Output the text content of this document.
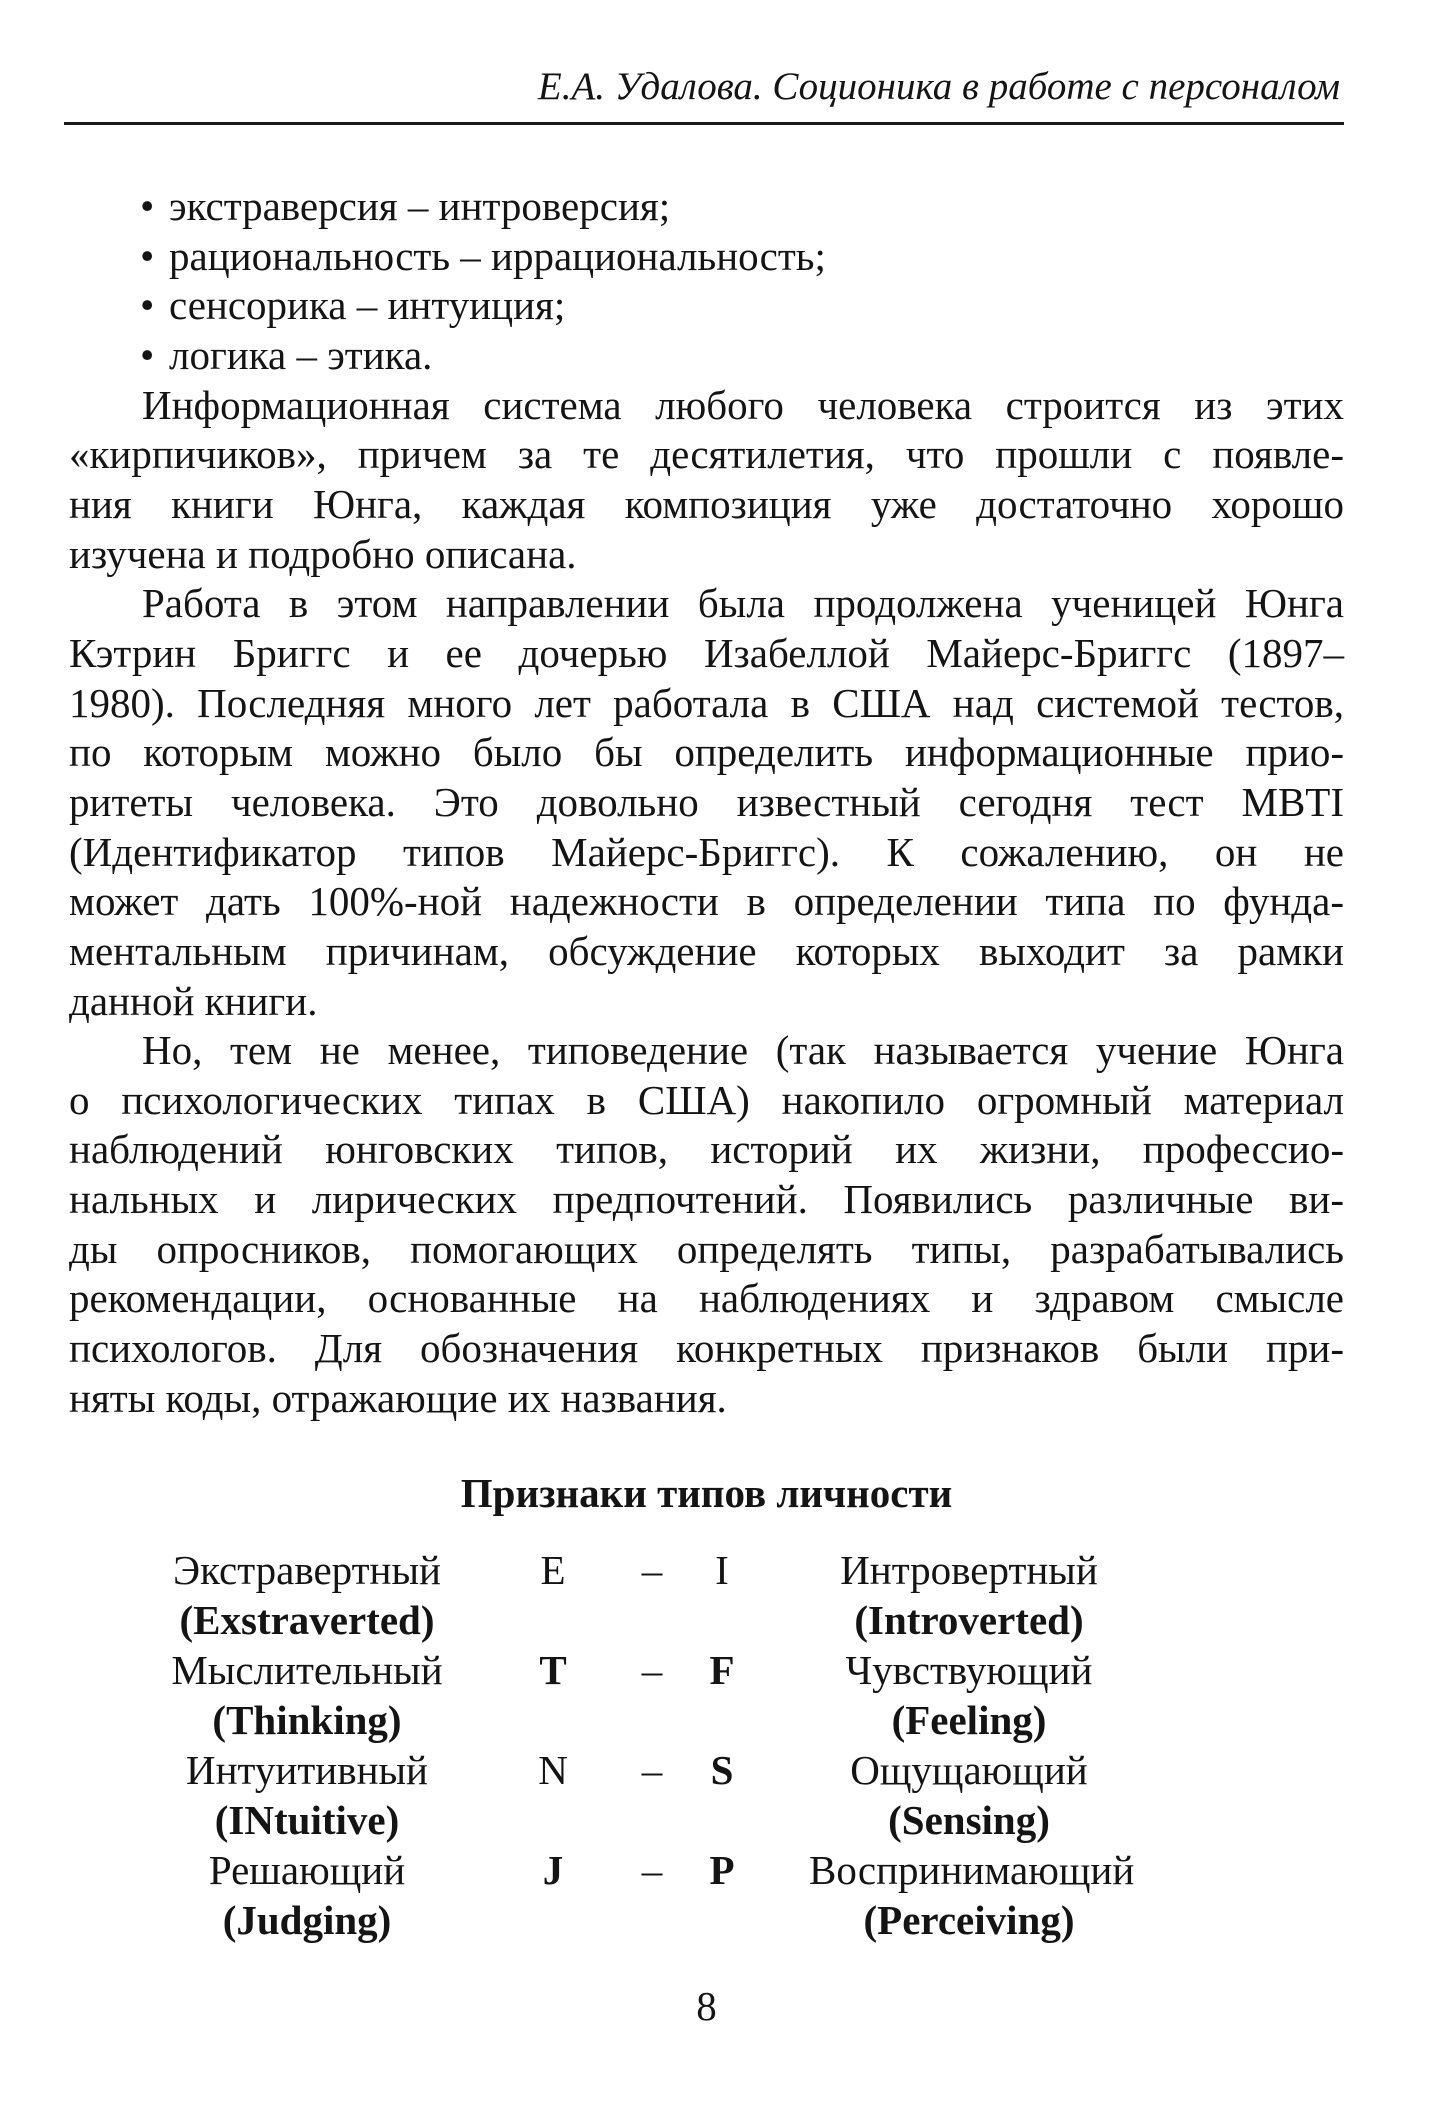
Е.А. Удалова. Соционика в работе с персоналом
• экстраверсия – интроверсия;
• рациональность – иррациональность;
• сенсорика – интуиция;
• логика – этика.
Информационная система любого человека строится из этих
«кирпичиков», причем за те десятилетия, что прошли с появле-
ния книги Юнга, каждая композиция уже достаточно хорошо
изучена и подробно описана.
Работа в этом направлении была продолжена ученицей Юнга
Кэтрин Бриггс и ее дочерью Изабеллой Майерс-Бриггс (1897–
1980). Последняя много лет работала в США над системой тестов,
по которым можно было бы определить информационные прио-
ритеты человека. Это довольно известный сегодня тест MBTI
(Идентификатор типов Майерс-Бриггс). К сожалению, он не
может дать 100%-ной надежности в определении типа по фунда-
ментальным причинам, обсуждение которых выходит за рамки
данной книги.
Но, тем не менее, типоведение (так называется учение Юнга
о психологических типах в США) накопило огромный материал
наблюдений юнговских типов, историй их жизни, профессио-
нальных и лирических предпочтений. Появились различные ви-
ды опросников, помогающих определять типы, разрабатывались
рекомендации, основанные на наблюдениях и здравом смысле
психологов. Для обозначения конкретных признаков были при-
няты коды, отражающие их названия.
Признаки типов личности
Экстравертный	E	–	I	Интровертный
(Exstraverted)	(Introverted)
Мыслительный	T	–	F	Чувствующий
(Thinking)	(Feeling)
Интуитивный	N	–	S	Ощущающий
(INtuitive)	(Sensing)
Решающий	J	–	P	Воспринимающий
(Judging)	(Perceiving)
8
